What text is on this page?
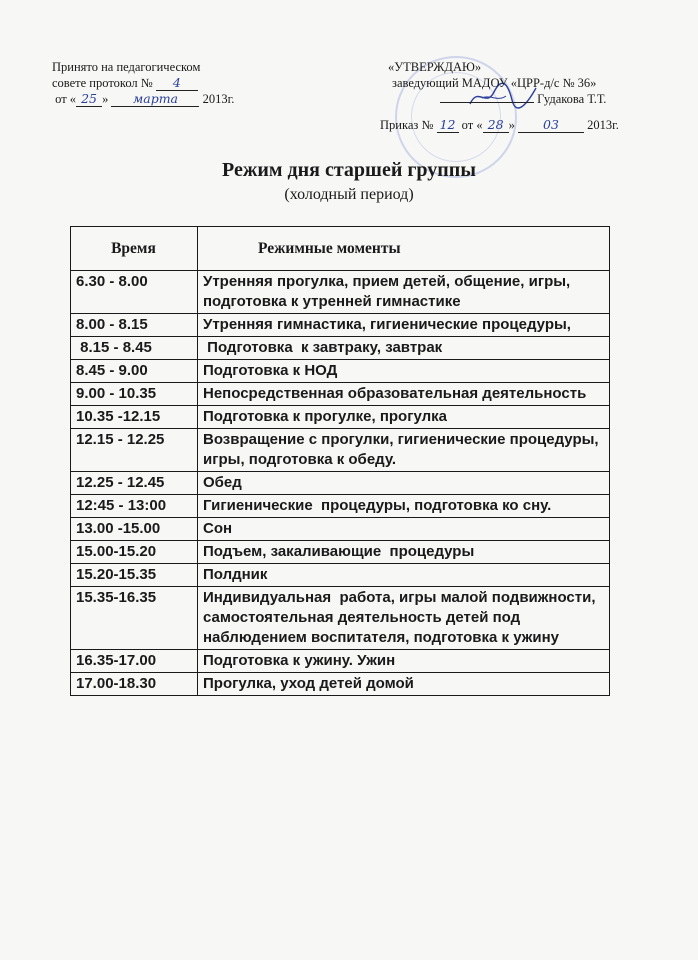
Принято на педагогическом
совете протокол № 4
от « 25 » марта 2013г.
«УТВЕРЖДАЮ»
заведующий МАДОУ «ЦРР-д/с № 36»
Гудакова Т.Т.
Приказ № 12 от « 28 » 03 2013г.
Режим дня старшей группы
(холодный период)
Время	Режимные моменты
6.30 - 8.00	Утренняя прогулка, прием детей, общение, игры, подготовка к утренней гимнастике
8.00 - 8.15	Утренняя гимнастика, гигиенические процедуры,
8.15 - 8.45	Подготовка  к завтраку, завтрак
8.45 - 9.00	Подготовка к НОД
9.00 - 10.35	Непосредственная образовательная деятельность
10.35 -12.15	Подготовка к прогулке, прогулка
12.15 - 12.25	Возвращение с прогулки, гигиенические процедуры, игры, подготовка к обеду.
12.25 - 12.45	Обед
12:45 - 13:00	Гигиенические  процедуры, подготовка ко сну.
13.00 -15.00	Сон
15.00-15.20	Подъем, закаливающие  процедуры
15.20-15.35	Полдник
15.35-16.35	Индивидуальная  работа, игры малой подвижности,  самостоятельная деятельность детей под наблюдением воспитателя, подготовка к ужину
16.35-17.00	Подготовка к ужину. Ужин
17.00-18.30	Прогулка, уход детей домой
